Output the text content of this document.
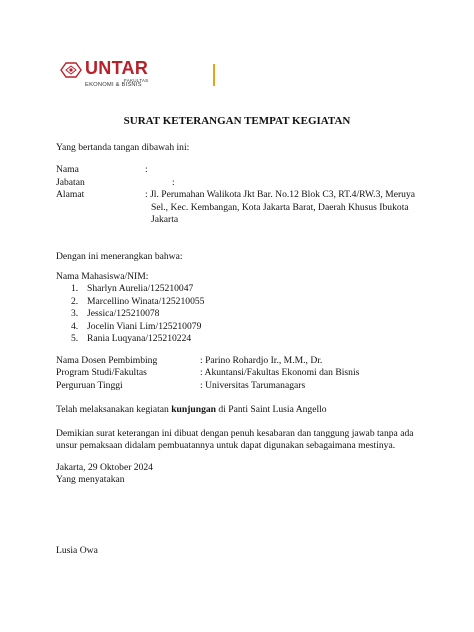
UNTAR
FAKULTAS
EKONOMI & BISNIS
SURAT KETERANGAN TEMPAT KEGIATAN
Yang bertanda tangan dibawah ini:
Nama	:
Jabatan	:
Alamat	: Jl. Perumahan Walikota Jkt Bar. No.12 Blok C3, RT.4/RW.3, Meruya
Sel., Kec. Kembangan, Kota Jakarta Barat, Daerah Khusus Ibukota
Jakarta
Dengan ini menerangkan bahwa:
Nama Mahasiswa/NIM:
1. Sharlyn Aurelia/125210047
2. Marcellino Winata/125210055
3. Jessica/125210078
4. Jocelin Viani Lim/125210079
5. Rania Luqyana/125210224
Nama Dosen Pembimbing	: Parino Rohardjo Ir., M.M., Dr.
Program Studi/Fakultas	: Akuntansi/Fakultas Ekonomi dan Bisnis
Perguruan Tinggi	: Universitas Tarumanagars
Telah melaksanakan kegiatan kunjungan di Panti Saint Lusia Angello
Demikian surat keterangan ini dibuat dengan penuh kesabaran dan tanggung jawab tanpa ada
unsur pemaksaan didalam pembuatannya untuk dapat digunakan sebagaimana mestinya.
Jakarta, 29 Oktober 2024
Yang menyatakan
Lusia Owa
